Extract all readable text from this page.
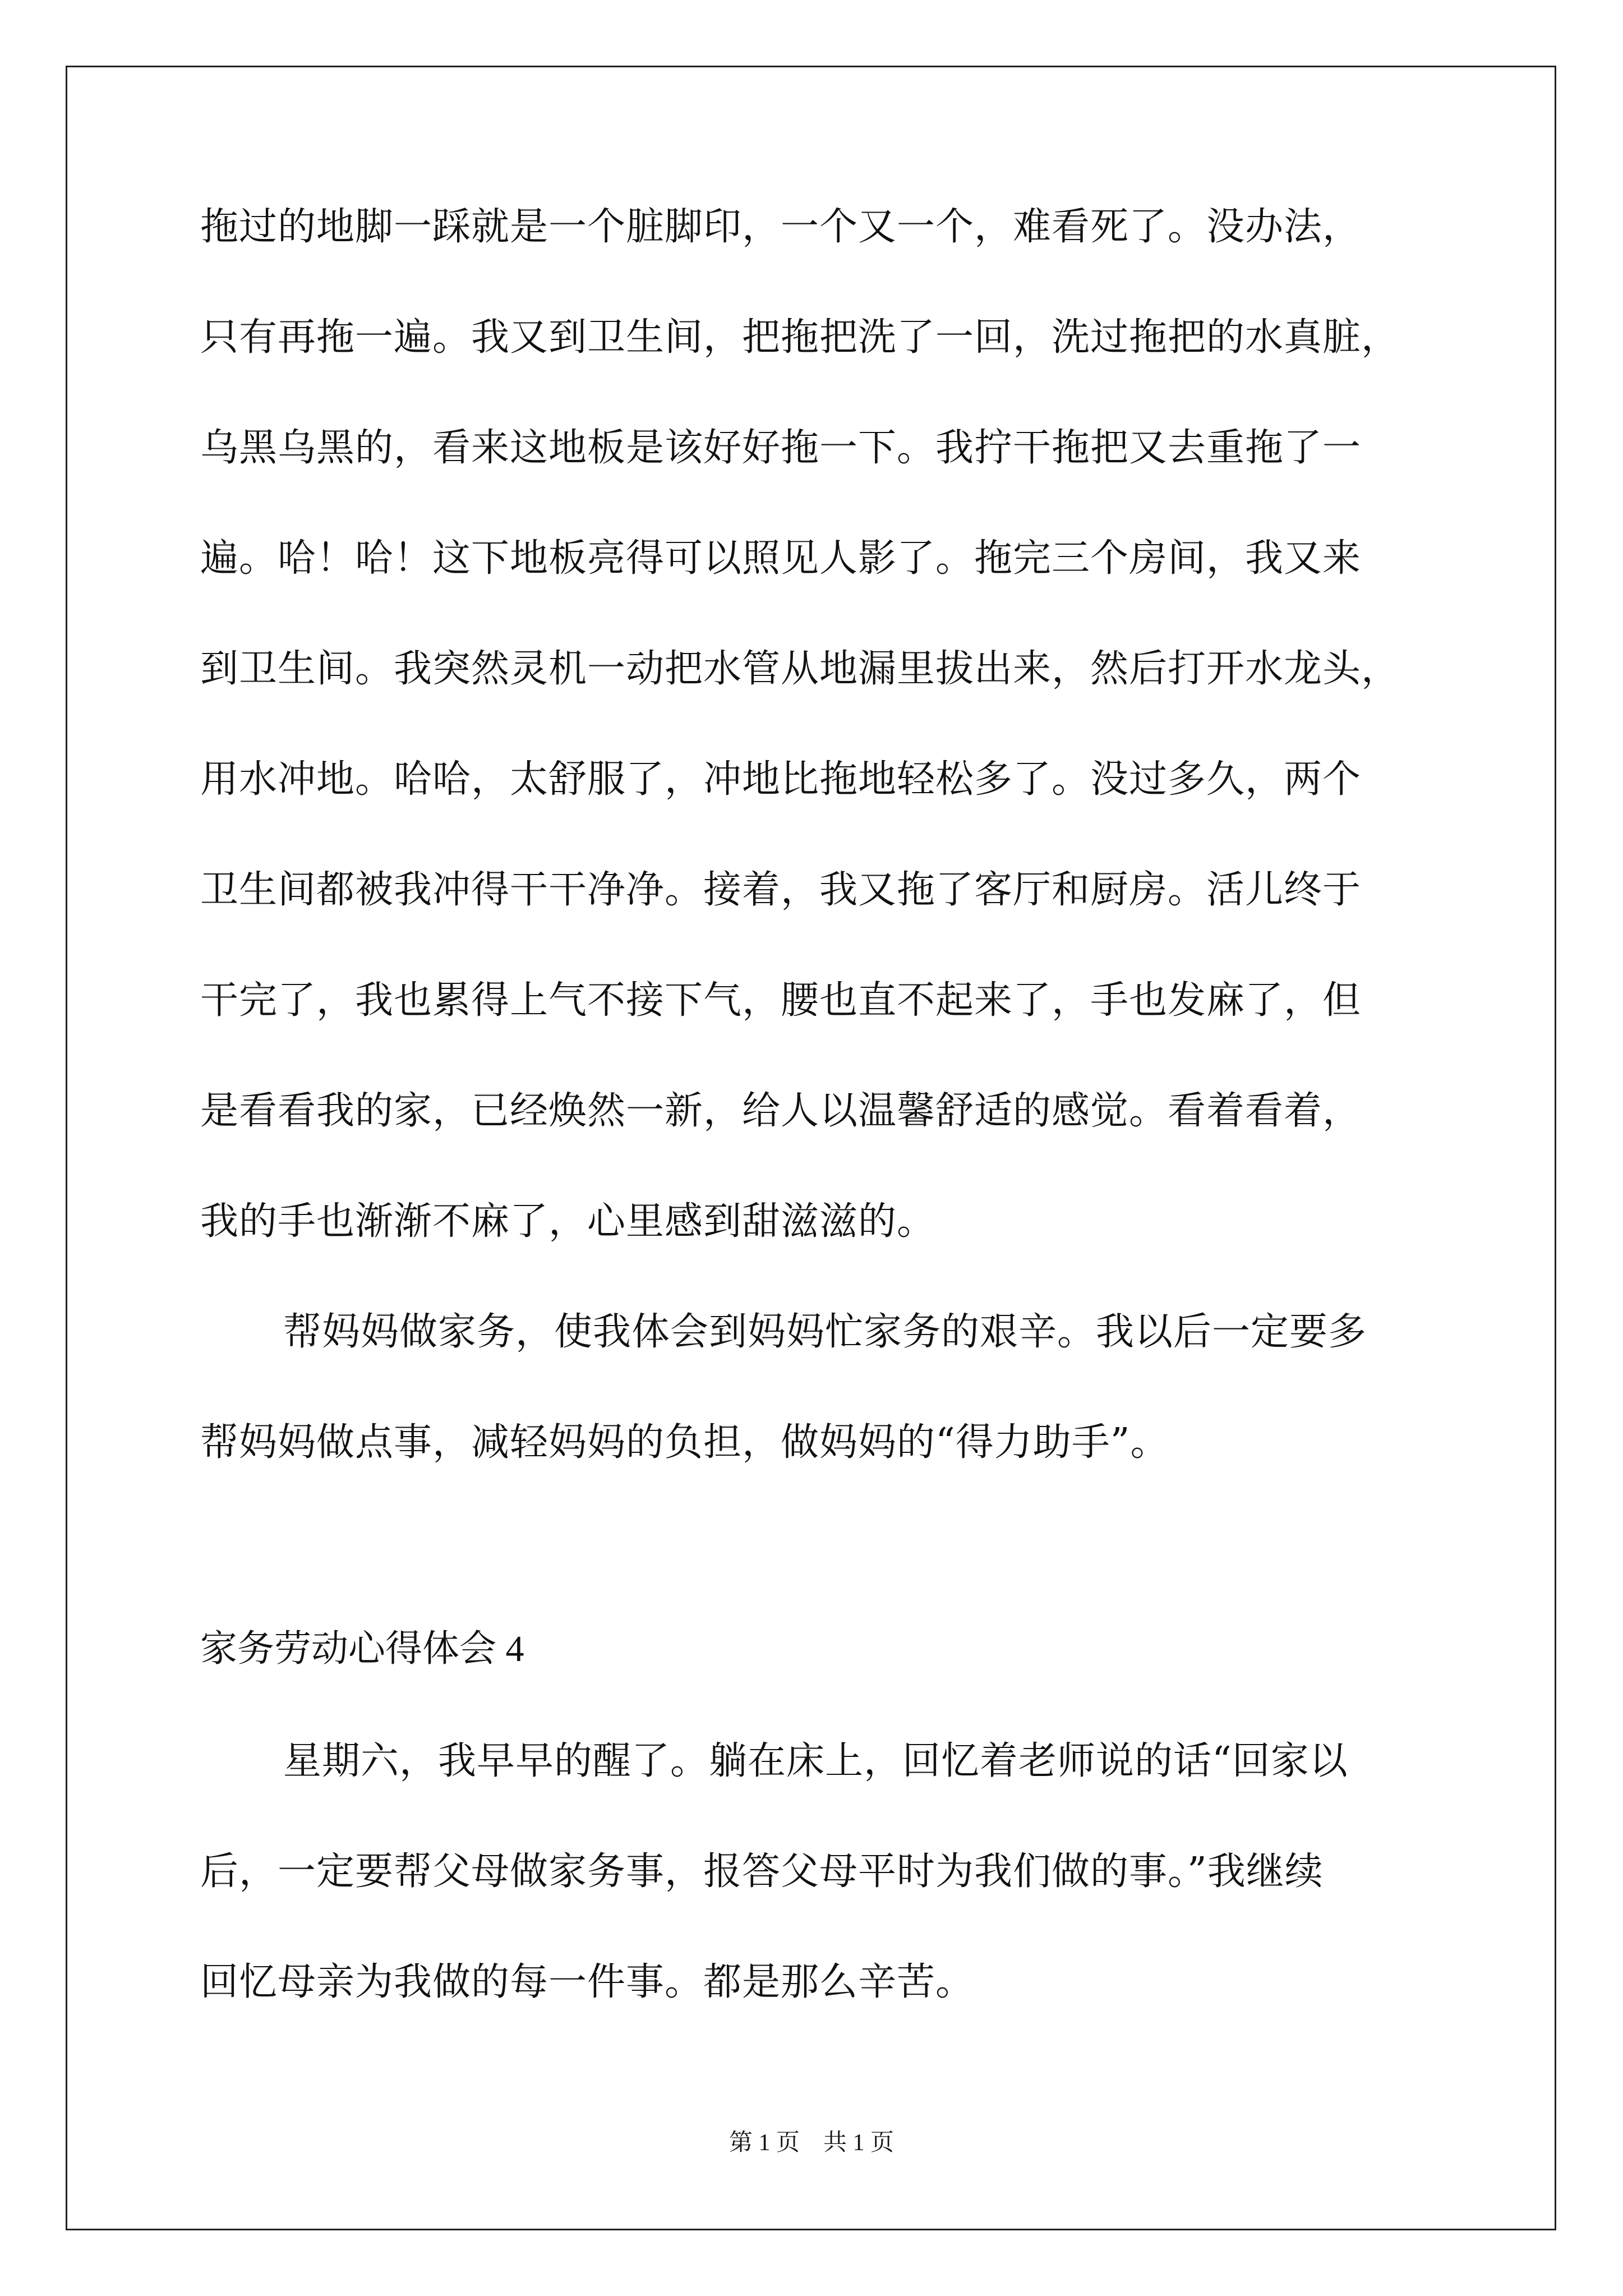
拖过的地脚一踩就是一个脏脚印，一个又一个，难看死了。没办法，
只有再拖一遍。我又到卫生间，把拖把洗了一回，洗过拖把的水真脏，
乌黑乌黑的，看来这地板是该好好拖一下。我拧干拖把又去重拖了一
遍。哈！哈！这下地板亮得可以照见人影了。拖完三个房间，我又来
到卫生间。我突然灵机一动把水管从地漏里拔出来，然后打开水龙头，
用水冲地。哈哈，太舒服了，冲地比拖地轻松多了。没过多久，两个
卫生间都被我冲得干干净净。接着，我又拖了客厅和厨房。活儿终于
干完了，我也累得上气不接下气，腰也直不起来了，手也发麻了，但
是看看我的家，已经焕然一新，给人以温馨舒适的感觉。看着看着，
我的手也渐渐不麻了，心里感到甜滋滋的。
帮妈妈做家务，使我体会到妈妈忙家务的艰辛。我以后一定要多
帮妈妈做点事，减轻妈妈的负担，做妈妈的“得力助手”。
家务劳动心得体会 4
星期六，我早早的醒了。躺在床上，回忆着老师说的话“回家以
后，一定要帮父母做家务事，报答父母平时为我们做的事。”我继续
回忆母亲为我做的每一件事。都是那么辛苦。
第 1 页　共 1 页
